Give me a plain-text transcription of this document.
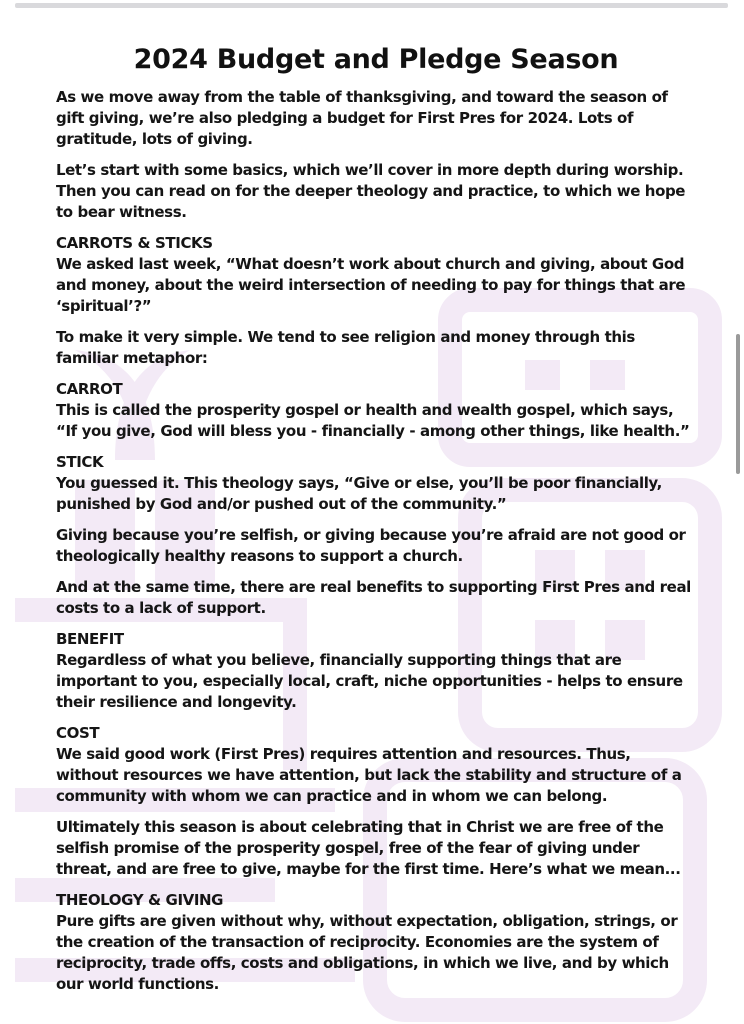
2024 Budget and Pledge Season

As we move away from the table of thanksgiving, and toward the season of gift giving, we’re also pledging a budget for First Pres for 2024. Lots of gratitude, lots of giving.

Let’s start with some basics, which we’ll cover in more depth during worship. Then you can read on for the deeper theology and practice, to which we hope to bear witness.

CARROTS & STICKS

We asked last week, “What doesn’t work about church and giving, about God and money, about the weird intersection of needing to pay for things that are ‘spiritual’?”

To make it very simple. We tend to see religion and money through this familiar metaphor:

CARROT

This is called the prosperity gospel or health and wealth gospel, which says, “If you give, God will bless you - financially - among other things, like health.”

STICK

You guessed it. This theology says, “Give or else, you’ll be poor financially, punished by God and/or pushed out of the community.”

Giving because you’re selfish, or giving because you’re afraid are not good or theologically healthy reasons to support a church.

And at the same time, there are real benefits to supporting First Pres and real costs to a lack of support.

BENEFIT

Regardless of what you believe, financially supporting things that are important to you, especially local, craft, niche opportunities - helps to ensure their resilience and longevity.

COST

We said good work (First Pres) requires attention and resources. Thus, without resources we have attention, but lack the stability and structure of a community with whom we can practice and in whom we can belong.

Ultimately this season is about celebrating that in Christ we are free of the selfish promise of the prosperity gospel, free of the fear of giving under threat, and are free to give, maybe for the first time. Here’s what we mean...

THEOLOGY & GIVING

Pure gifts are given without why, without expectation, obligation, strings, or the creation of the transaction of reciprocity. Economies are the system of reciprocity, trade offs, costs and obligations, in which we live, and by which our world functions.
